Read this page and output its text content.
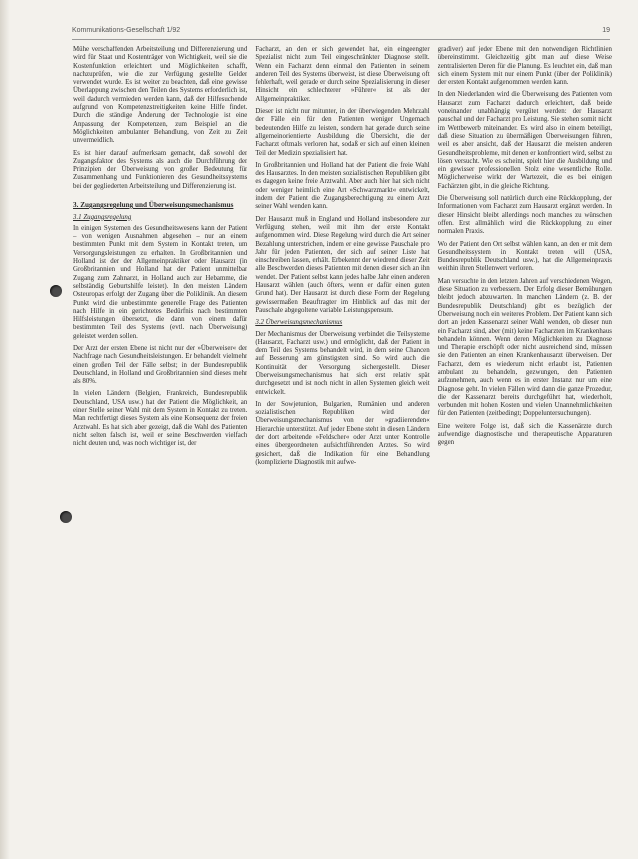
Kommunikations-Gesellschaft 1/92	19

Mühe verschaffenden Arbeitsteilung und Differenzierung und wird für Staat und Kostenträger von Wichtigkeit, weil sie die Kostenfunktion erleichtert und Möglichkeiten schafft, nachzuprüfen, wie die zur Verfügung gestellte Gelder verwendet wurde. Es ist weiter zu beachten, daß eine gewisse Überlappung zwischen den Teilen des Systems erforderlich ist, weil dadurch vermieden werden kann, daß der Hilfesuchende aufgrund von Kompetenzstreitigkeiten keine Hilfe findet. Durch die ständige Änderung der Technologie ist eine Anpassung der Kompetenzen, zum Beispiel an die Möglichkeiten ambulanter Behandlung, von Zeit zu Zeit unvermeidlich.

Es ist hier darauf aufmerksam gemacht, daß sowohl der Zugangsfaktor des Systems als auch die Durchführung der Prinzipien der Überweisung von großer Bedeutung für Zusammenhang und Funktionieren des Gesundheitssystems bei der gegliederten Arbeitsteilung und Differenzierung ist.

3. Zugangsregelung und Überweisungsmechanismus
3.1 Zugangsregelung

In einigen Systemen des Gesundheitswesens kann der Patient – von wenigen Ausnahmen abgesehen – nur an einem bestimmten Punkt mit dem System in Kontakt treten, um Versorgungsleistungen zu erhalten. In Großbritannien und Holland ist der der Allgemeinpraktiker oder Hausarzt (in Großbritannien und Holland hat der Patient unmittelbar Zugang zum Zahnarzt, in Holland auch zur Hebamme, die selbständig Geburtshilfe leistet). In den meisten Ländern Osteuropas erfolgt der Zugang über die Poliklinik. An diesem Punkt wird die unbestimmte generelle Frage des Patienten nach Hilfe in ein gerichtetes Bedürfnis nach bestimmten Hilfsleistungen übersetzt, die dann von einem dafür bestimmten Teil des Systems (evtl. nach Überweisung) geleistet werden sollen.

Der Arzt der ersten Ebene ist nicht nur der »Überweiser« der Nachfrage nach Gesundheitsleistungen. Er behandelt vielmehr einen großen Teil der Fälle selbst; in der Bundesrepublik Deutschland, in Holland und Großbritannien sind dieses mehr als 80%.

In vielen Ländern (Belgien, Frankreich, Bundesrepublik Deutschland, USA usw.) hat der Patient die Möglichkeit, an einer Stelle seiner Wahl mit dem System in Kontakt zu treten. Man rechtfertigt dieses System als eine Konsequenz der freien Arztwahl. Es hat sich aber gezeigt, daß die Wahl des Patienten nicht selten falsch ist, weil er seine Beschwerden vielfach nicht deuten und, was noch wichtiger ist, der

Facharzt, an den er sich gewendet hat, ein eingeengter Spezialist nicht zum Teil eingeschränkter Diagnose stellt. Wenn ein Facharzt denn einmal den Patienten in seinem anderen Teil des Systems überweist, ist diese Überweisung oft fehlerhaft, weil gerade er durch seine Spezialisierung in dieser Hinsicht ein schlechterer »Führer« ist als der Allgemeinpraktiker.

Dieser ist nicht nur mitunter, in der überwiegenden Mehrzahl der Fälle ein für den Patienten weniger Ungemach bedeutenden Hilfe zu leisten, sondern hat gerade durch seine allgemeinorientierte Ausbildung die Übersicht, die der Facharzt oftmals verloren hat, sodaß er sich auf einen kleinen Teil der Medizin spezialisiert hat.

In Großbritannien und Holland hat der Patient die freie Wahl des Hausarztes. In den meisten sozialistischen Republiken gibt es dagegen keine freie Arztwahl. Aber auch hier hat sich nicht oder weniger heimlich eine Art »Schwarzmarkt« entwickelt, indem der Patient die Zugangsberechtigung zu einem Arzt seiner Wahl wenden kann.

Der Hausarzt muß in England und Holland insbesondere zur Verfügung stehen, weil mit ihm der erste Kontakt aufgenommen wird. Diese Regelung wird durch die Art seiner Bezahlung unterstrichen, indem er eine gewisse Pauschale pro Jahr für jeden Patienten, der sich auf seiner Liste hat einschreiben lassen, erhält. Erbekennt der wiedrend dieser Zeit alle Beschwerden dieses Patienten mit denen dieser sich an ihn wendet. Der Patient selbst kann jedes halbe Jahr einen anderen Hausarzt wählen (auch öfters, wenn er dafür einen guten Grund hat). Der Hausarzt ist durch diese Form der Regelung gewissermaßen Beauftragter im Hinblick auf das mit der Pauschale abgegoltene variable Leistungspensum.

3.2 Überweisungsmechanismus

Der Mechanismus der Überweisung verbindet die Teilsysteme (Hausarzt, Facharzt usw.) und ermöglicht, daß der Patient in dem Teil des Systems behandelt wird, in dem seine Chancen auf Besserung am günstigsten sind. So wird auch die Kontinuität der Versorgung sichergestellt. Dieser Überweisungsmechanismus hat sich erst relativ spät durchgesetzt und ist noch nicht in allen Systemen gleich weit entwickelt.

In der Sowjetunion, Bulgarien, Rumänien und anderen sozialistischen Republiken wird der Überweisungsmechanismus von der »gradiierenden« Hierarchie unterstützt. Auf jeder Ebene steht in diesen Ländern der dort arbeitende »Feldscher« oder Arzt unter Kontrolle eines übergeordneten aufsichtführenden Arztes. So wird gesichert, daß die Indikation für eine Behandlung (komplizierte Diagnostik mit aufwe-

gradiver) auf jeder Ebene mit den notwendigen Richtlinien übereinstimmt. Gleichzeitig gibt man auf diese Weise zentralisierten Deren für die Planung. Es leuchtet ein, daß man sich einem System mit nur einem Punkt (über der Poliklinik) der ersten Kontakt aufgenommen werden kann.

In den Niederlanden wird die Überweisung des Patienten vom Hausarzt zum Facharzt dadurch erleichtert, daß beide voneinander unabhängig vergütet werden: der Hausarzt pauschal und der Facharzt pro Leistung. Sie stehen somit nicht im Wettbewerb miteinander. Es wird also in einem beteiligt, daß diese Situation zu übermäßigen Überweisungen führen, weil es aber ansicht, daß der Hausarzt die meisten anderen Gesundheitsprobleme, mit denen er konfrontiert wird, selbst zu lösen versucht. Wie es scheint, spielt hier die Ausbildung und ein gewisser professionellen Stolz eine wesentliche Rolle. Möglicherweise wirkt der Wartezeit, die es bei einigen Fachärzten gibt, in die gleiche Richtung.

Die Überweisung soll natürlich durch eine Rückkopplung, der Informationen vom Facharzt zum Hausarzt ergänzt werden. In dieser Hinsicht bleibt allerdings noch manches zu wünschen offen. Erst allmählich wird die Rückkopplung zu einer normalen Praxis.

Wo der Patient den Ort selbst wählen kann, an den er mit dem Gesundheitssystem in Kontakt treten will (USA, Bundesrepublik Deutschland usw.), hat die Allgemeinpraxis weithin ihren Stellenwert verloren.

Man versuchte in den letzten Jahren auf verschiedenen Wegen, diese Situation zu verbessern. Der Erfolg dieser Bemühungen bleibt jedoch abzuwarten. In manchen Ländern (z. B. der Bundesrepublik Deutschland) gibt es bezüglich der Überweisung noch ein weiteres Problem. Der Patient kann sich dort an jeden Kassenarzt seiner Wahl wenden, ob dieser nun ein Facharzt sind, aber (mit) keine Facharzten im Krankenhaus behandeln können. Wenn deren Möglichkeiten zu Diagnose und Therapie erschöpft oder nicht ausreichend sind, müssen sie den Patienten an einen Krankenhausarzt überweisen. Der Facharzt, dem es wiederum nicht erlaubt ist, Patienten ambulant zu behandeln, gezwungen, den Patienten aufzunehmen, auch wenn es in erster Instanz nur um eine Diagnose geht. In vielen Fällen wird dann die ganze Prozedur, die der Kassenarzt bereits durchgeführt hat, wiederholt, verbunden mit hohen Kosten und vielen Unannehmlichkeiten für den Patienten (zeitbedingt; Doppeluntersuchungen).

Eine weitere Folge ist, daß sich die Kassenärzte durch aufwendige diagnostische und therapeutische Apparaturen gegen
